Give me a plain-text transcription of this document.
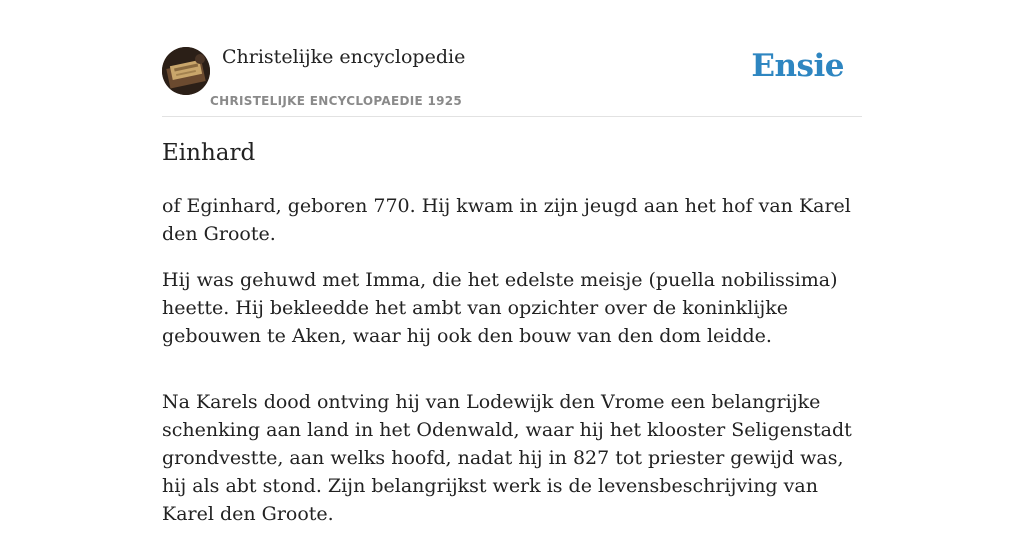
Christelijke encyclopedie
CHRISTELIJKE ENCYCLOPAEDIE 1925
Ensie
Einhard

of Eginhard, geboren 770. Hij kwam in zijn jeugd aan het hof van Karel den Groote.

Hij was gehuwd met Imma, die het edelste meisje (puella nobilissima) heette. Hij bekleedde het ambt van opzichter over de koninklijke gebouwen te Aken, waar hij ook den bouw van den dom leidde.

Na Karels dood ontving hij van Lodewijk den Vrome een belangrijke schenking aan land in het Odenwald, waar hij het klooster Seligenstadt grondvestte, aan welks hoofd, nadat hij in 827 tot priester gewijd was, hij als abt stond. Zijn belangrijkst werk is de levensbeschrijving van Karel den Groote.
